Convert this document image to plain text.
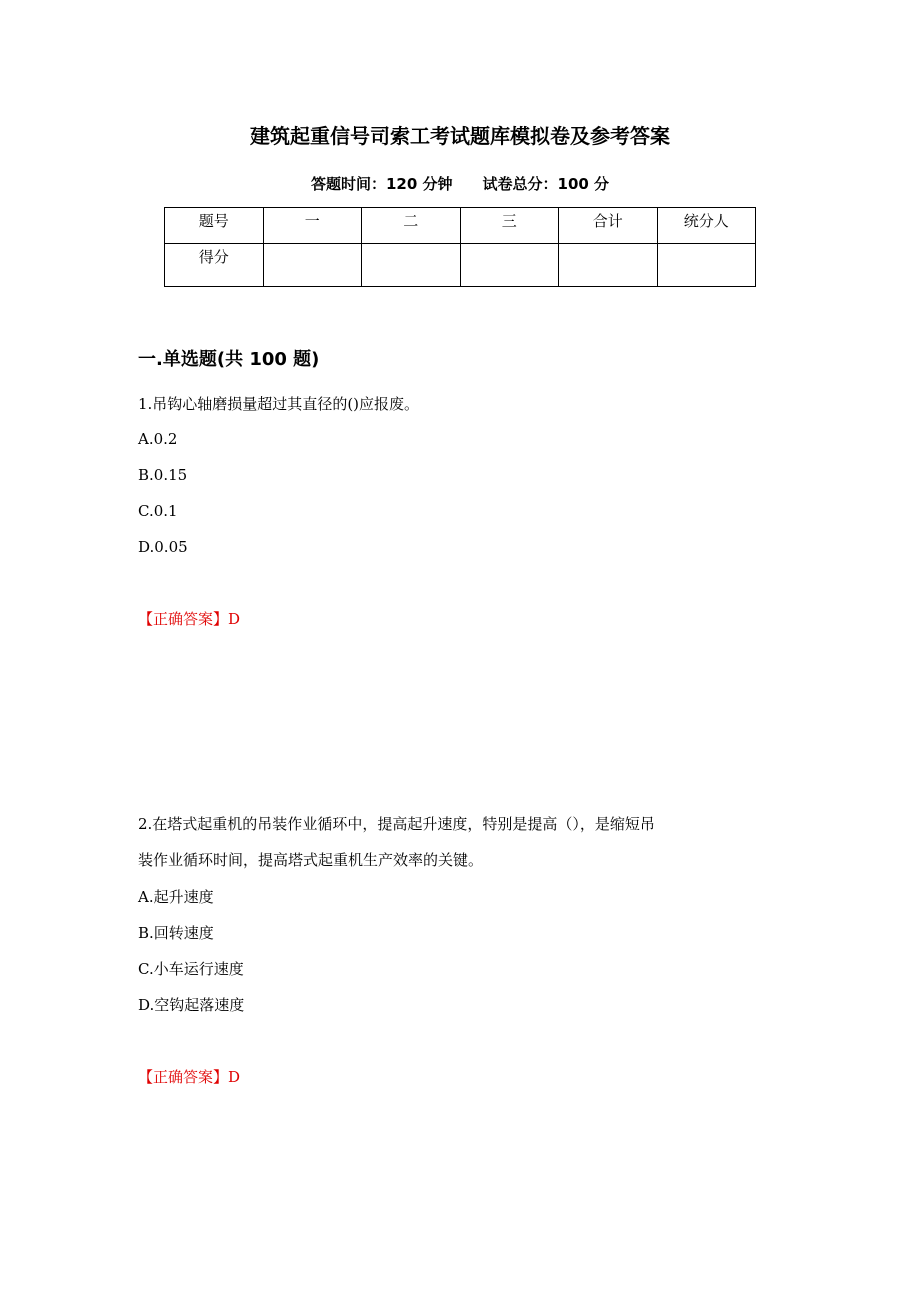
建筑起重信号司索工考试题库模拟卷及参考答案
答题时间：120 分钟 试卷总分：100 分
题号	一	二	三	合计	统分人
得分					
一.单选题(共 100 题)
1.吊钩心轴磨损量超过其直径的()应报废。
A.0.2
B.0.15
C.0.1
D.0.05
【正确答案】D
2.在塔式起重机的吊装作业循环中，提高起升速度，特别是提高（），是缩短吊
装作业循环时间，提高塔式起重机生产效率的关键。
A.起升速度
B.回转速度
C.小车运行速度
D.空钩起落速度
【正确答案】D
